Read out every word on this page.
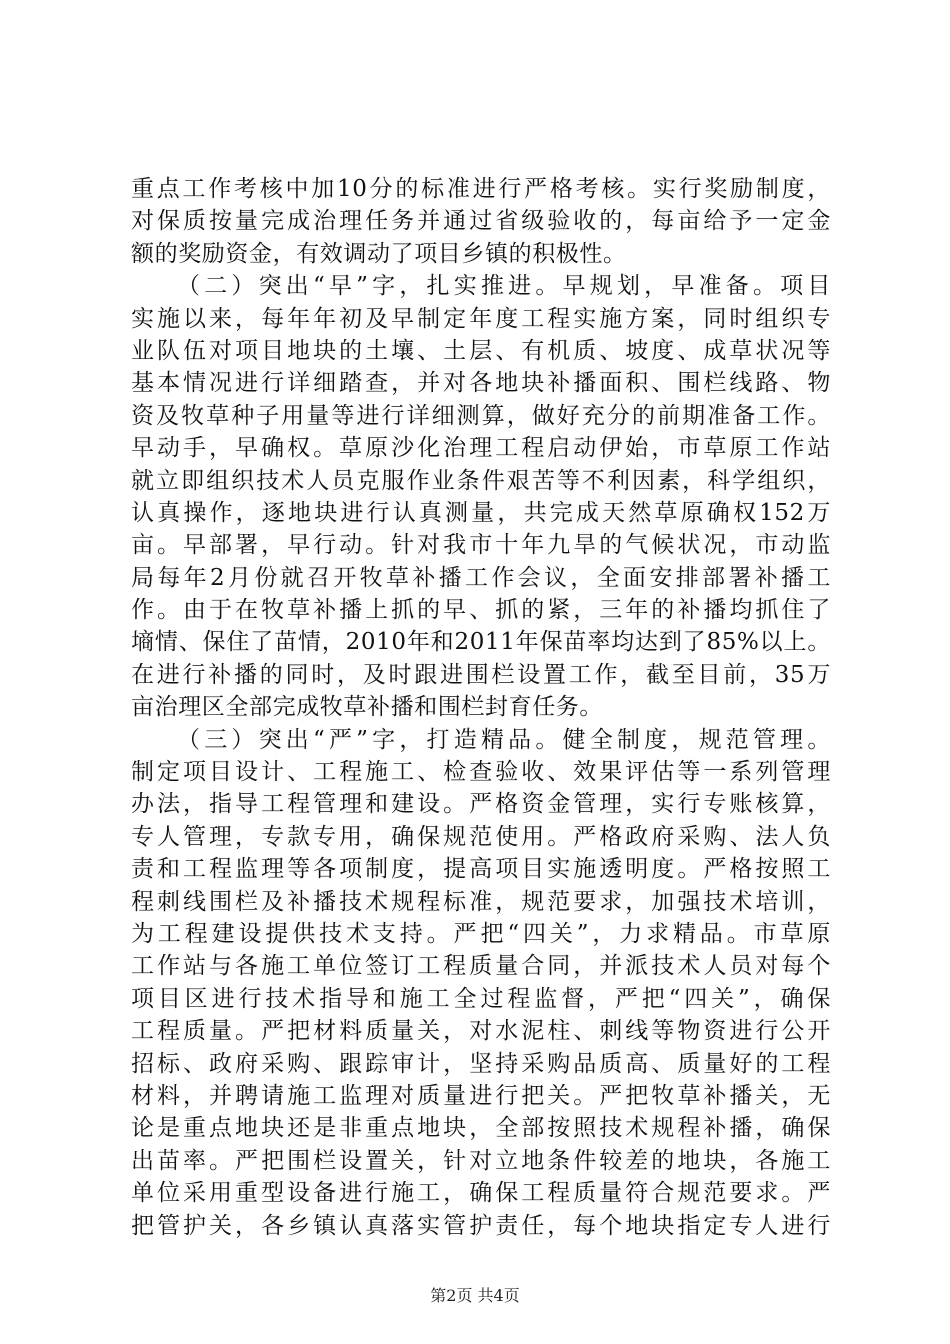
重点工作考核中加10分的标准进行严格考核。实行奖励制度，
对保质按量完成治理任务并通过省级验收的，每亩给予一定金
额的奖励资金，有效调动了项目乡镇的积极性。
（二）突出“早”字，扎实推进。早规划，早准备。项目
实施以来，每年年初及早制定年度工程实施方案，同时组织专
业队伍对项目地块的土壤、土层、有机质、坡度、成草状况等
基本情况进行详细踏查，并对各地块补播面积、围栏线路、物
资及牧草种子用量等进行详细测算，做好充分的前期准备工作。
早动手，早确权。草原沙化治理工程启动伊始，市草原工作站
就立即组织技术人员克服作业条件艰苦等不利因素，科学组织，
认真操作，逐地块进行认真测量，共完成天然草原确权152万
亩。早部署，早行动。针对我市十年九旱的气候状况，市动监
局每年2月份就召开牧草补播工作会议，全面安排部署补播工
作。由于在牧草补播上抓的早、抓的紧，三年的补播均抓住了
墒情、保住了苗情，2010年和2011年保苗率均达到了85%以上。
在进行补播的同时，及时跟进围栏设置工作，截至目前，35万
亩治理区全部完成牧草补播和围栏封育任务。
（三）突出“严”字，打造精品。健全制度，规范管理。
制定项目设计、工程施工、检查验收、效果评估等一系列管理
办法，指导工程管理和建设。严格资金管理，实行专账核算，
专人管理，专款专用，确保规范使用。严格政府采购、法人负
责和工程监理等各项制度，提高项目实施透明度。严格按照工
程刺线围栏及补播技术规程标准，规范要求，加强技术培训，
为工程建设提供技术支持。严把“四关”，力求精品。市草原
工作站与各施工单位签订工程质量合同，并派技术人员对每个
项目区进行技术指导和施工全过程监督，严把“四关”，确保
工程质量。严把材料质量关，对水泥柱、刺线等物资进行公开
招标、政府采购、跟踪审计，坚持采购品质高、质量好的工程
材料，并聘请施工监理对质量进行把关。严把牧草补播关，无
论是重点地块还是非重点地块，全部按照技术规程补播，确保
出苗率。严把围栏设置关，针对立地条件较差的地块，各施工
单位采用重型设备进行施工，确保工程质量符合规范要求。严
把管护关，各乡镇认真落实管护责任，每个地块指定专人进行
第2页 共4页
